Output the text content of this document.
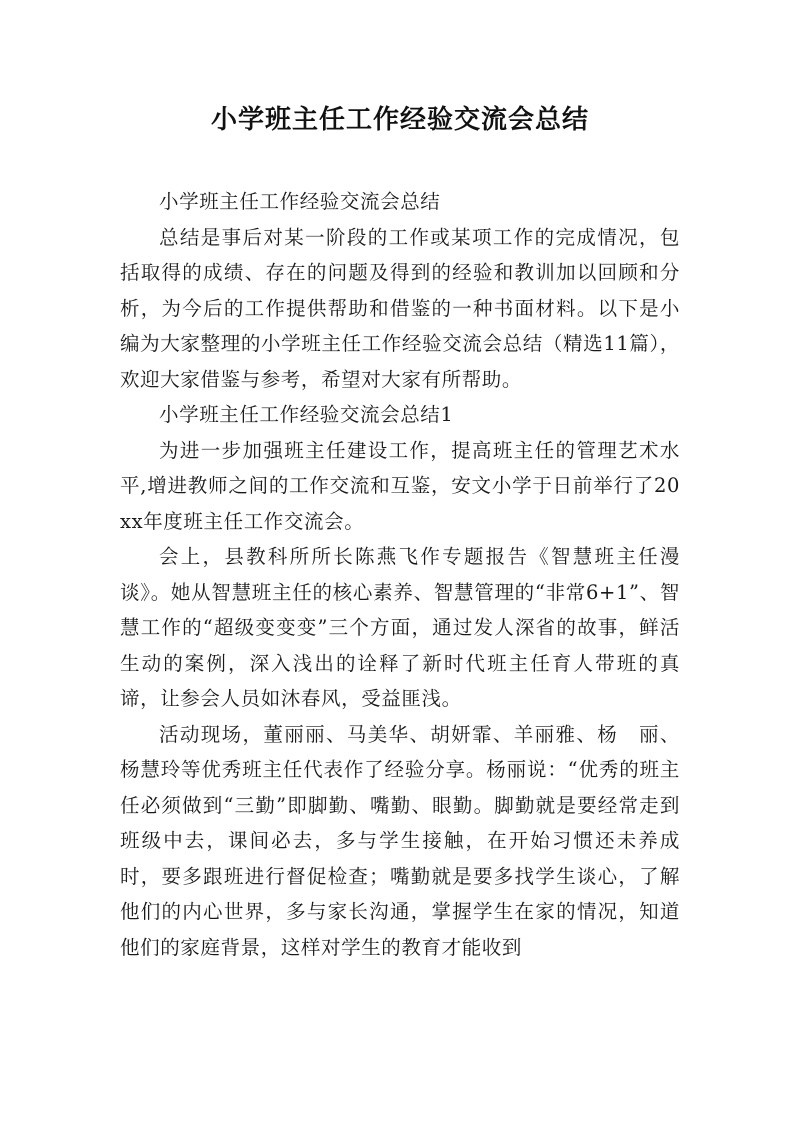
小学班主任工作经验交流会总结

小学班主任工作经验交流会总结

总结是事后对某一阶段的工作或某项工作的完成情况，包括取得的成绩、存在的问题及得到的经验和教训加以回顾和分析，为今后的工作提供帮助和借鉴的一种书面材料。以下是小编为大家整理的小学班主任工作经验交流会总结（精选11篇），欢迎大家借鉴与参考，希望对大家有所帮助。

小学班主任工作经验交流会总结1

为进一步加强班主任建设工作，提高班主任的管理艺术水平,增进教师之间的工作交流和互鉴，安文小学于日前举行了20xx年度班主任工作交流会。

会上，县教科所所长陈燕飞作专题报告《智慧班主任漫谈》。她从智慧班主任的核心素养、智慧管理的“非常6+1”、智慧工作的“超级变变变”三个方面，通过发人深省的故事，鲜活生动的案例，深入浅出的诠释了新时代班主任育人带班的真谛，让参会人员如沐春风，受益匪浅。

活动现场，董丽丽、马美华、胡妍霏、羊丽雅、杨　丽、杨慧玲等优秀班主任代表作了经验分享。杨丽说：“优秀的班主任必须做到“三勤”即脚勤、嘴勤、眼勤。脚勤就是要经常走到班级中去，课间必去，多与学生接触，在开始习惯还未养成时，要多跟班进行督促检查；嘴勤就是要多找学生谈心，了解他们的内心世界，多与家长沟通，掌握学生在家的情况，知道他们的家庭背景，这样对学生的教育才能收到
